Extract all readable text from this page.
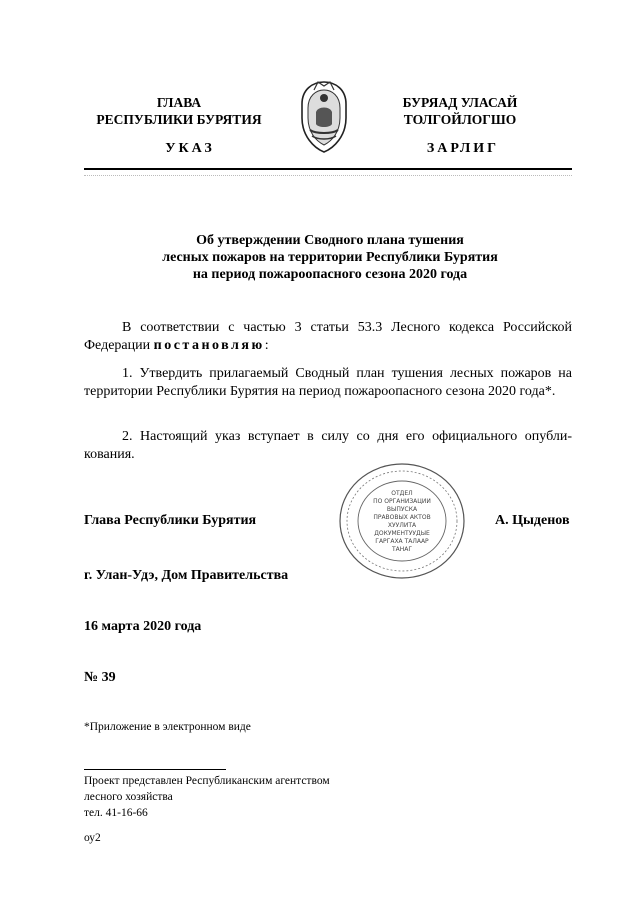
ГЛАВА
РЕСПУБЛИКИ БУРЯТИЯ
БУРЯАД УЛАСАЙ
ТОЛГОЙЛОГШО
УКАЗ	ЗАРЛИГ
Об утверждении Сводного плана тушения
лесных пожаров на территории Республики Бурятия
на период пожароопасного сезона 2020 года
В соответствии с частью 3 статьи 53.3 Лесного кодекса Российской Федерации постановляю:
1. Утвердить прилагаемый Сводный план тушения лесных пожаров на территории Республики Бурятия на период пожароопасного сезона 2020 года*.
2. Настоящий указ вступает в силу со дня его официального опубли-кования.
ОТДЕЛ
ПО ОРГАНИЗАЦИИ
ВЫПУСКА
ПРАВОВЫХ АКТОВ
ХУУЛИТА
ДОКУМЕНТУУДЫЕ
ГАРГАХА ТАЛААР
ТАНАГ
Глава Республики Бурятия	А. Цыденов
г. Улан-Удэ, Дом Правительства
16 марта 2020 года
№ 39
*Приложение в электронном виде
Проект представлен Республиканским агентством
лесного хозяйства
тел. 41-16-66
оу2
